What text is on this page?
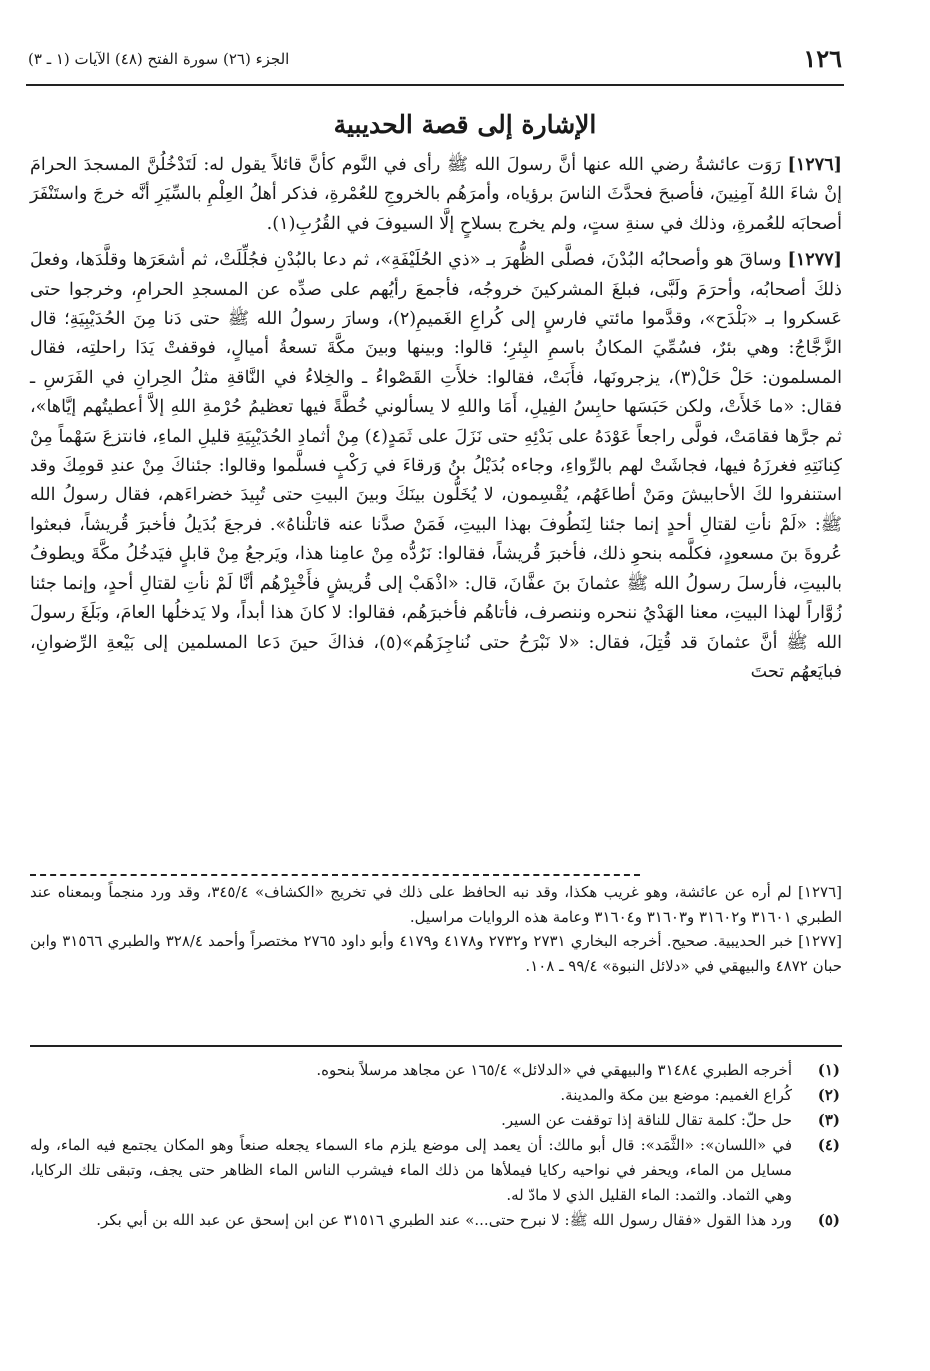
١٢٦
الجزء (٢٦) سورة الفتح (٤٨) الآيات (١ ـ ٣)
الإشارة إلى قصة الحديبية

[١٢٧٦] رَوَت عائشةُ رضي الله عنها أنَّ رسولَ الله ﷺ رأى في النَّوم كأنَّ قائلاً يقول له: لَتَدْخُلُنَّ المسجدَ الحرامَ إنْ شاءَ اللهُ آمِنِينَ، فأصبحَ فحدَّثَ الناسَ برؤياه، وأمرَهُم بالخروجِ للعُمْرةِ، فذكر أهلُ العِلْمِ بالسِّيَرِ أنَّه خرجَ واستَنْفَرَ أصحابَه للعُمرةِ، وذلك في سنةِ ستٍ، ولم يخرج بسلاحٍ إلَّا السيوفَ في القُرُبِ(١).

[١٢٧٧] وساقَ هو وأصحابُه البُدْنَ، فصلَّى الظُّهرَ بـ «ذي الحُلَيْفَةِ»، ثم دعا بالبُدْنِ فجُلِّلَتْ، ثم أشعَرَها وقلَّدَها، وفعلَ ذلكَ أصحابُه، وأحرَمَ ولَبَّى، فبلغَ المشركينَ خروجُه، فأجمعَ رأيُهم على صدِّه عن المسجدِ الحرامِ، وخرجوا حتى عَسكروا بـ «بَلْدَح»، وقدَّموا مائتي فارسٍ إلى كُراعِ الغَميمِ(٢)، وسارَ رسولُ الله ﷺ حتى دَنا مِنَ الحُدَيْبِيَةِ؛ قال الزَّجَّاجُ: وهي بئرٌ، فسُمِّيَ المكانُ باسمِ البِئرِ؛ قالوا: وبينها وبينَ مكَّةَ تسعةُ أميالٍ، فوقفتْ يَدَا راحلتِه، فقال المسلمون: حَلْ حَلْ(٣)، يزجرونَها، فأَبَتْ، فقالوا: خلأَتِ القَصْواءُ ـ والخِلاءُ في النَّاقةِ مثلُ الحِرانِ في الفَرَسِ ـ فقال: «ما خَلأَتْ، ولكن حَبَسَها حابِسُ الفِيلِ، أَمَا واللهِ لا يسألوني خُطَّةً فيها تعظيمُ حُرْمةِ اللهِ إلاَّ أعطيتُهم إيَّاها»، ثم جرَّها فقامَتْ، فولَّى راجعاً عَوْدَهُ على بَدْئِهِ حتى نَزَلَ على ثَمَدٍ(٤) مِنْ أثمادِ الحُدَيْبِيَةِ قليلِ الماءِ، فانتزعَ سَهْماً مِنْ كِنانَتِهِ فغرزَهُ فيها، فجاشَتْ لهم بالرِّواءِ، وجاءه بُدَيْلُ بنُ وَرقاءَ في رَكْبٍ فسلَّموا وقالوا: جئناكَ مِنْ عندِ قومِكَ وقد استنفروا لكَ الأحابيشَ ومَنْ أطاعَهُم، يُقْسِمون، لا يُخَلُّون بينَكَ وبينَ البيتِ حتى تُبِيدَ خضراءَهم، فقال رسولُ الله ﷺ: «لَمْ نأتِ لقتالِ أحدٍ إنما جئنا لِنَطُوفَ بهذا البيتِ، فَمَنْ صدَّنا عنه قاتلْناهُ». فرجعَ بُدَيلُ فأخبرَ قُريشاً، فبعثوا عُروةَ بنَ مسعودٍ، فكلَّمه بنحوِ ذلك، فأخبرَ قُريشاً، فقالوا: نَرُدُّه مِنْ عامِنا هذا، ويَرجعُ مِنْ قابلٍ فيَدخُلُ مكَّةَ ويطوفُ بالبيتِ، فأرسلَ رسولُ الله ﷺ عثمانَ بنَ عفَّانَ، قال: «اذْهَبْ إلى قُريشٍ فأَخْبِرْهُم أنَّا لَمْ نأتِ لقتالِ أحدٍ، وإنما جئنا زُوَّاراً لهذا البيتِ، معنا الهَدْيُ ننحره وننصرف، فأتاهُم فأخبرَهُم، فقالوا: لا كانَ هذا أبداً، ولا يَدخلُها العامَ، وبَلَغَ رسولَ الله ﷺ أنَّ عثمانَ قد قُتِلَ، فقال: «لا نَبْرَحُ حتى نُناجِزَهُم»(٥)، فذاكَ حينَ دَعا المسلمين إلى بَيْعةِ الرِّضوانِ، فبايَعهُم تحتَ

[١٢٧٦] لم أره عن عائشة، وهو غريب هكذا، وقد نبه الحافظ على ذلك في تخريج «الكشاف» ٣٤٥/٤، وقد ورد منجماً وبمعناه عند الطبري ٣١٦٠١ و٣١٦٠٢ و٣١٦٠٣ و٣١٦٠٤ وعامة هذه الروايات مراسيل.

[١٢٧٧] خبر الحديبية. صحيح. أخرجه البخاري ٢٧٣١ و٢٧٣٢ و٤١٧٨ و٤١٧٩ وأبو داود ٢٧٦٥ مختصراً وأحمد ٣٢٨/٤ والطبري ٣١٥٦٦ وابن حبان ٤٨٧٢ والبيهقي في «دلائل النبوة» ٩٩/٤ ـ ١٠٨.

(١)
أخرجه الطبري ٣١٤٨٤ والبيهقي في «الدلائل» ١٦٥/٤ عن مجاهد مرسلاً بنحوه.
(٢)
كُراع الغميم: موضع بين مكة والمدينة.
(٣)
حل حلّ: كلمة تقال للناقة إذا توقفت عن السير.
(٤)
في «اللسان»: «الثَّمَد»: قال أبو مالك: أن يعمد إلى موضع يلزم ماء السماء يجعله صنعاً وهو المكان يجتمع فيه الماء، وله مسايل من الماء، ويحفر في نواحيه ركايا فيملأها من ذلك الماء فيشرب الناس الماء الظاهر حتى يجف، وتبقى تلك الركايا، وهي الثماد. والثمد: الماء القليل الذي لا مادّ له.
(٥)
ورد هذا القول «فقال رسول الله ﷺ: لا نبرح حتى...» عند الطبري ٣١٥١٦ عن ابن إسحق عن عبد الله بن أبي بكر.
